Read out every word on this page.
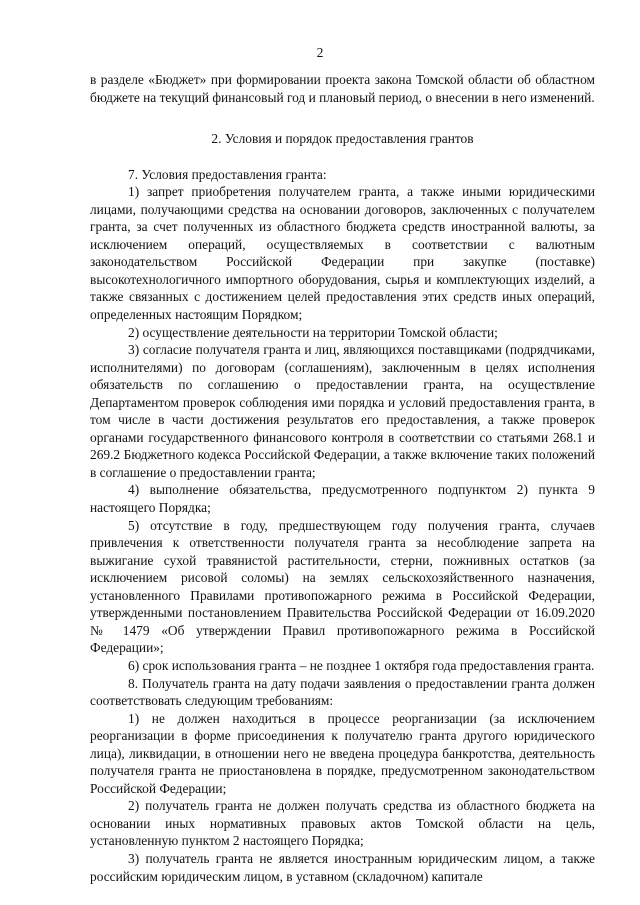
2

в разделе «Бюджет» при формировании проекта закона Томской области об областном бюджете на текущий финансовый год и плановый период, о внесении в него изменений.

2. Условия и порядок предоставления грантов

7. Условия предоставления гранта:

1) запрет приобретения получателем гранта, а также иными юридическими лицами, получающими средства на основании договоров, заключенных с получателем гранта, за счет полученных из областного бюджета средств иностранной валюты, за исключением операций, осуществляемых в соответствии с валютным законодательством Российской Федерации при закупке (поставке) высокотехнологичного импортного оборудования, сырья и комплектующих изделий, а также связанных с достижением целей предоставления этих средств иных операций, определенных настоящим Порядком;

2) осуществление деятельности на территории Томской области;

3) согласие получателя гранта и лиц, являющихся поставщиками (подрядчиками, исполнителями) по договорам (соглашениям), заключенным в целях исполнения обязательств по соглашению о предоставлении гранта, на осуществление Департаментом проверок соблюдения ими порядка и условий предоставления гранта, в том числе в части достижения результатов его предоставления, а также проверок органами государственного финансового контроля в соответствии со статьями 268.1 и 269.2 Бюджетного кодекса Российской Федерации, а также включение таких положений в соглашение о предоставлении гранта;

4) выполнение обязательства, предусмотренного подпунктом 2) пункта 9 настоящего Порядка;

5) отсутствие в году, предшествующем году получения гранта, случаев привлечения к ответственности получателя гранта за несоблюдение запрета на выжигание сухой травянистой растительности, стерни, пожнивных остатков (за исключением рисовой соломы) на землях сельскохозяйственного назначения, установленного Правилами противопожарного режима в Российской Федерации, утвержденными постановлением Правительства Российской Федерации от 16.09.2020 № 1479 «Об утверждении Правил противопожарного режима в Российской Федерации»;

6) срок использования гранта – не позднее 1 октября года предоставления гранта.

8. Получатель гранта на дату подачи заявления о предоставлении гранта должен соответствовать следующим требованиям:

1) не должен находиться в процессе реорганизации (за исключением реорганизации в форме присоединения к получателю гранта другого юридического лица), ликвидации, в отношении него не введена процедура банкротства, деятельность получателя гранта не приостановлена в порядке, предусмотренном законодательством Российской Федерации;

2) получатель гранта не должен получать средства из областного бюджета на основании иных нормативных правовых актов Томской области на цель, установленную пунктом 2 настоящего Порядка;

3) получатель гранта не является иностранным юридическим лицом, а также российским юридическим лицом, в уставном (складочном) капитале
